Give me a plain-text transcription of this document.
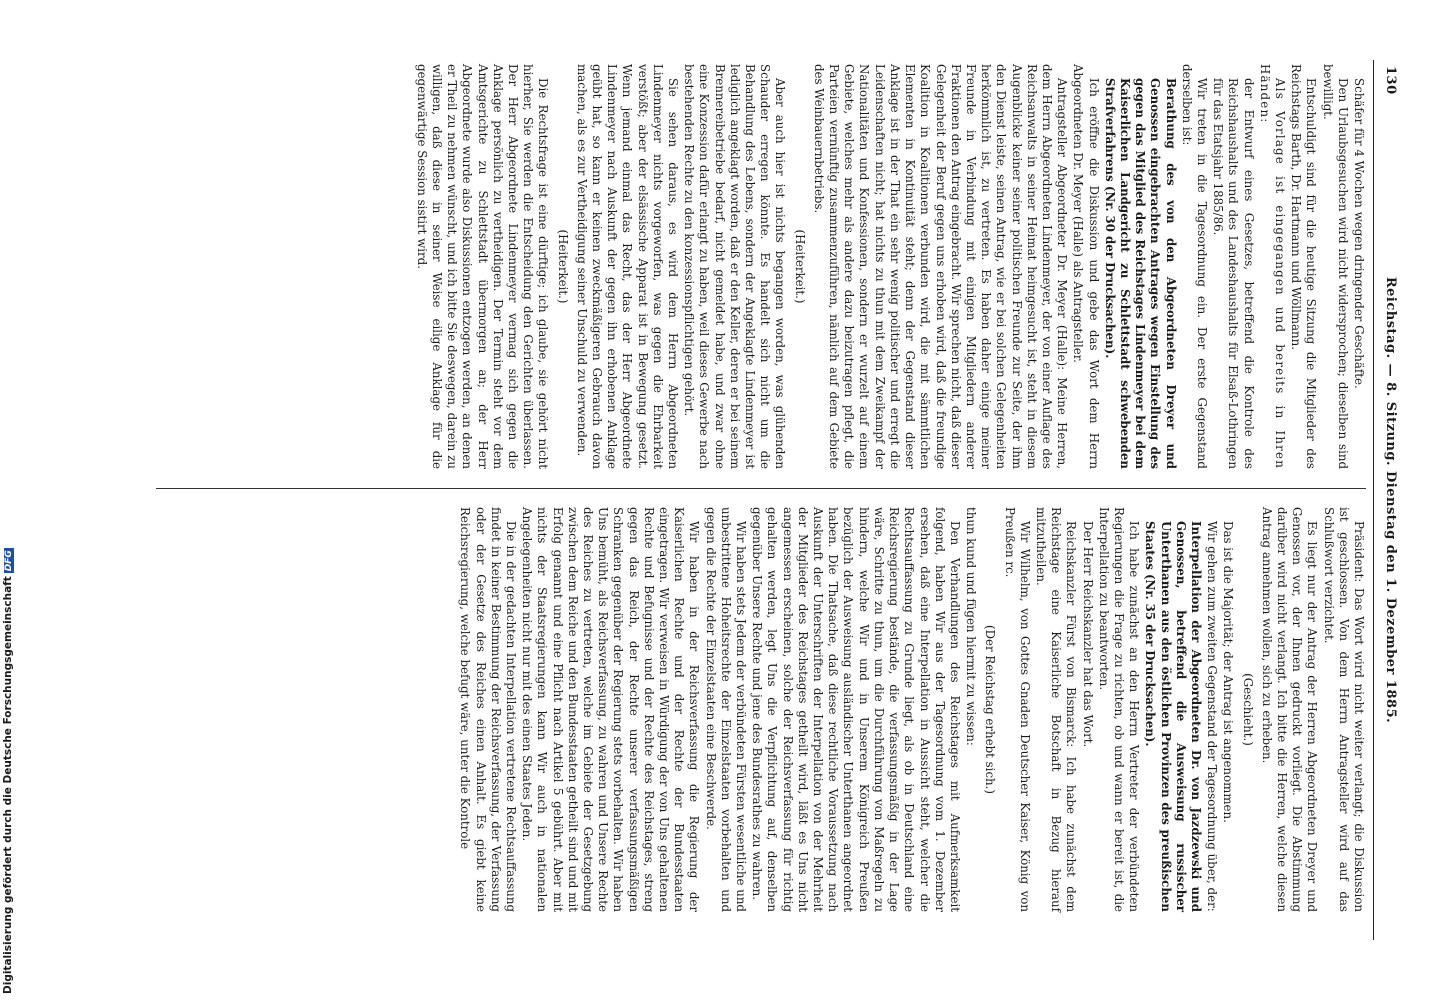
130
Reichstag. — 8. Sitzung. Dienstag den 1. Dezember 1885.

Schäfer für 4 Wochen wegen dringender Geschäfte.

Den Urlaubsgesuchen wird nicht widersprochen; dieselben sind bewilligt.

Entschuldigt sind für die heutige Sitzung die Mitglieder des Reichstags Barth, Dr. Hartmann und Wöllmann.

Als Vorlage ist eingegangen und bereits in Ihren Händen:

der Entwurf eines Gesetzes, betreffend die Kontrole des Reichshaushalts und des Landeshaushalts für Elsaß-Lothringen für das Etatsjahr 1885/86.

Wir treten in die Tagesordnung ein. Der erste Gegenstand derselben ist:

Berathung des von den Abgeordneten Dreyer und Genossen eingebrachten Antrages wegen Einstellung des gegen das Mitglied des Reichstages Lindenmeyer bei dem Kaiserlichen Landgericht zu Schlettstadt schwebenden Strafverfahrens (Nr. 30 der Drucksachen).

Ich eröffne die Diskussion und gebe das Wort dem Herrn Abgeordneten Dr. Meyer (Halle) als Antragsteller.

Antragsteller Abgeordneter Dr. Meyer (Halle): Meine Herren, dem Herrn Abgeordneten Lindenmeyer, der von einer Auflage des Reichsanwalts in seiner Heimat heimgesucht ist, steht in diesem Augenblicke keiner seiner politischen Freunde zur Seite, der ihm den Dienst leiste, seinen Antrag, wie er bei solchen Gelegenheiten herkömmlich ist, zu vertreten. Es haben daher einige meiner Freunde in Verbindung mit einigen Mitgliedern anderer Fraktionen den Antrag eingebracht. Wir sprechen nicht, daß dieser Gelegenheit der Beruf gegen uns erhoben wird, daß die freundige Koalition in Koalitionen verbunden wird, die mit sämmtlichen Elementen in Kontinuität steht; denn der Gegenstand dieser Anklage ist in der That ein sehr wenig politischer und erregt die Leidenschaften nicht; hat nichts zu thun mit dem Zweikampf der Nationalitäten und Konfessionen, sondern er wurzelt auf einem Gebiete, welches mehr als andere dazu beizutragen pflegt, die Parteien vernünftig zusammenzuführen, nämlich auf dem Gebiete des Weinbauernbetriebs.

(Heiterkeit.)

Aber auch hier ist nichts begangen worden, was glühenden Schauder erregen könnte. Es handelt sich nicht um die Behandlung des Lebens, sondern der Angeklagte Lindenmeyer ist lediglich angeklagt worden, daß er den Keller, deren er bei seinem Brennereibetriebe bedarf, nicht gemeldet habe, und zwar ohne eine Konzession dafür erlangt zu haben, weil dieses Gewerbe nach bestehenden Rechte zu den konzessionspflichtigen gehört.

Sie sehen daraus, es wird dem Herrn Abgeordneten Lindenmeyer nichts vorgeworfen, was gegen die Ehrbarkeit verstößt; aber der elsässische Apparat ist in Bewegung gesetzt. Wenn jemand einmal das Recht, das der Herr Abgeordnete Lindenmeyer nach Auskunft der gegen ihn erhobenen Anklage geübt hat, so kann er keinen zweckmäßigeren Gebrauch davon machen, als es zur Vertheidigung seiner Unschuld zu verwenden.

(Heiterkeit.)

Die Rechtsfrage ist eine dürftige; ich glaube, sie gehört nicht hierher, Sie werden die Entscheidung den Gerichten überlassen. Der Herr Abgeordnete Lindenmeyer vermag sich gegen die Anklage persönlich zu vertheidigen. Der Termin steht vor dem Amtsgerichte zu Schlettstadt übermorgen an; der Herr Abgeordnete wurde also Diskussionen entzogen werden, an denen er Theil zu nehmen wünscht, und ich bitte Sie deswegen, darein zu willigen, daß diese in seiner Weise eilige Anklage für die gegenwärtige Session sistirt wird.

Präsident: Das Wort wird nicht weiter verlangt; die Diskussion ist geschlossen. Von dem Herrn Antragsteller wird auf das Schlußwort verzichtet.

Es liegt nur der Antrag der Herren Abgeordneten Dreyer und Genossen vor, der Ihnen gedruckt vorliegt. Die Abstimmung darüber wird nicht verlangt. Ich bitte die Herren, welche diesen Antrag annehmen wollen, sich zu erheben.

(Geschieht.)

Das ist die Majorität; der Antrag ist angenommen.

Wir gehen zum zweiten Gegenstand der Tagesordnung über, der:

Interpellation der Abgeordneten Dr. von Jazdzewski und Genossen, betreffend die Ausweisung russischer Unterthanen aus den östlichen Provinzen des preußischen Staates (Nr. 35 der Drucksachen).

Ich habe zunächst an den Herrn Vertreter der verbündeten Regierungen die Frage zu richten, ob und wann er bereit ist, die Interpellation zu beantworten.

Der Herr Reichskanzler hat das Wort.

Reichskanzler Fürst von Bismarck: Ich habe zunächst dem Reichstage eine Kaiserliche Botschaft in Bezug hierauf mitzutheilen.

Wir Wilhelm, von Gottes Gnaden Deutscher Kaiser, König von Preußen rc.

(Der Reichstag erhebt sich.)

thun kund und fügen hiermit zu wissen:

Den Verhandlungen des Reichstages mit Aufmerksamkeit folgend, haben Wir aus der Tagesordnung vom 1. Dezember ersehen, daß eine Interpellation in Aussicht steht, welcher die Rechtsauffassung zu Grunde liegt, als ob in Deutschland eine Reichsregierung bestände, die verfassungsmäßig in der Lage wäre, Schritte zu thun, um die Durchführung von Maßregeln zu hindern, welche Wir und in Unserem Königreich Preußen bezüglich der Ausweisung ausländischer Unterthanen angeordnet haben. Die Thatsache, daß diese rechtliche Voraussetzung nach Auskunft der Unterschriften der Interpellation von der Mehrheit der Mitglieder des Reichstages getheilt wird, läßt es Uns nicht angemessen erscheinen, solche der Reichsverfassung für richtig gehalten werden, legt Uns die Verpflichtung auf, denselben gegenüber Unsere Rechte und jene des Bundesrathes zu wahren.

Wir haben stets Jedem der verbündeten Fürsten wesentliche und unbestrittene Hoheitsrechte der Einzelstaaten vorbehalten und gegen die Rechte der Einzelstaaten eine Beschwerde.

Wir haben in der Reichsverfassung die Regierung der Kaiserlichen Rechte und der Rechte der Bundesstaaten eingetragen. Wir verweisen in Würdigung der von Uns gehaltenen Rechte und Befugnisse und der Rechte des Reichstages, streng gegen das Reich, der Rechte unserer verfassungsmäßigen Schranken gegenüber der Regierung stets vorbehalten. Wir haben Uns bemüht, als Reichsverfassung, zu wahren und Unsere Rechte des Reiches zu vertreten, welche im Gebiete der Gesetzgebung zwischen dem Reiche und den Bundesstaaten getheilt sind und mit Erfolg genannt und eine Pflicht nach Artikel 5 gebührt. Aber mit nichts der Staatsregierungen kann Wir auch in nationalen Angelegenheiten nicht nur mit des einen Staates Jeden.

Die in der gedachten Interpellation vertretene Rechtsauffassung findet in keiner Bestimmung der Reichsverfassung, der Verfassung oder der Gesetze des Reiches einen Anhalt. Es giebt keine Reichsregierung, welche befugt wäre, unter die Kontrole

Digitalisierung gefördert durch die Deutsche ForschungsgemeinschaftDFG
